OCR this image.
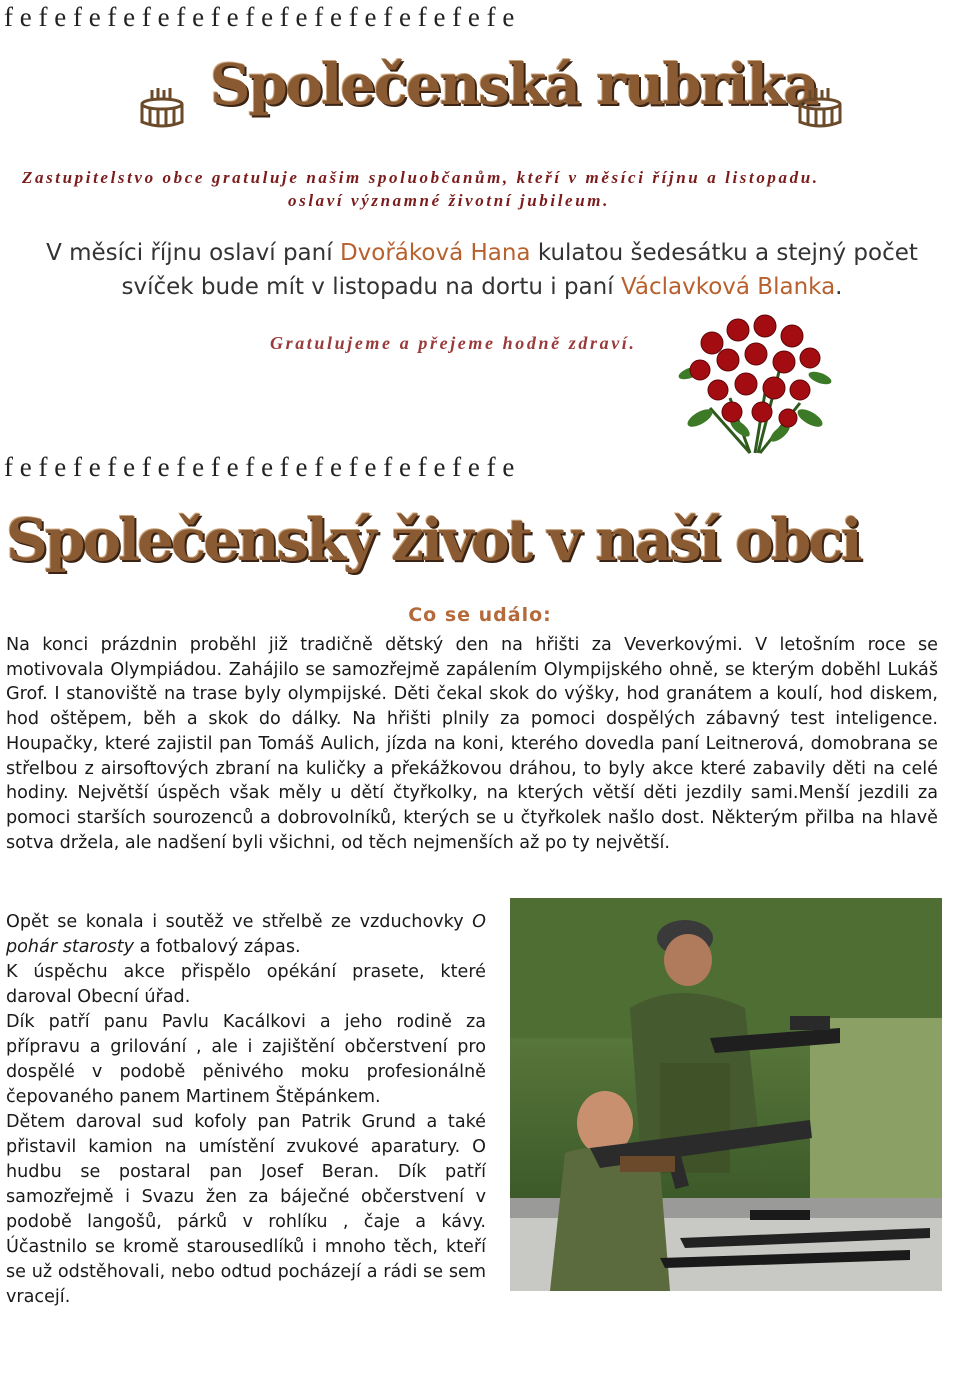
f e f e f e f e f e f e f e f e f e f e f e f e f e f e f e
Společenská rubrika
Zastupitelstvo obce gratuluje našim spoluobčanům, kteří v měsíci říjnu a listopadu.
oslaví významné životní jubileum.
V měsíci říjnu oslaví paní Dvořáková Hana kulatou šedesátku a stejný počet svíček bude mít v listopadu na dortu i paní Václavková Blanka.
Gratulujeme a přejeme hodně zdraví.
f e f e f e f e f e f e f e f e f e f e f e f e f e f e f e
Společenský život v naší obci
Co se událo:
Na konci prázdnin proběhl již tradičně dětský den na hřišti za Veverkovými. V letošním roce se motivovala Olympiádou. Zahájilo se samozřejmě zapálením Olympijského ohně, se kterým doběhl Lukáš Grof. I stanoviště na trase byly olympijské. Děti čekal skok do výšky, hod granátem a koulí, hod diskem, hod oštěpem, běh a skok do dálky. Na hřišti plnily za pomoci dospělých zábavný test inteligence. Houpačky, které zajistil pan Tomáš Aulich, jízda na koni, kterého dovedla paní Leitnerová, domobrana se střelbou z airsoftových zbraní na kuličky a překážkovou dráhou, to byly akce které zabavily děti na celé hodiny. Největší úspěch však měly u dětí čtyřkolky, na kterých větší děti jezdily sami.Menší jezdili za pomoci starších sourozenců a dobrovolníků, kterých se u čtyřkolek našlo dost. Některým přilba na hlavě sotva držela, ale nadšení byli všichni, od těch nejmenších až po ty největší.

Opět se konala i soutěž ve střelbě ze vzduchovky O pohár starosty a fotbalový zápas.

K úspěchu akce přispělo opékání prasete, které daroval Obecní úřad.

Dík patří panu Pavlu Kacálkovi a jeho rodině za přípravu a grilování , ale i zajištění občerstvení pro dospělé v podobě pěnivého moku profesionálně čepovaného panem Martinem Štěpánkem.

Dětem daroval sud kofoly pan Patrik Grund a také přistavil kamion na umístění zvukové aparatury. O hudbu se postaral pan Josef Beran. Dík patří samozřejmě i Svazu žen za báječné občerstvení v podobě langošů, párků v rohlíku , čaje a kávy. Účastnilo se kromě starousedlíků i mnoho těch, kteří se už odstěhovali, nebo odtud pocházejí a rádi se sem vracejí.
